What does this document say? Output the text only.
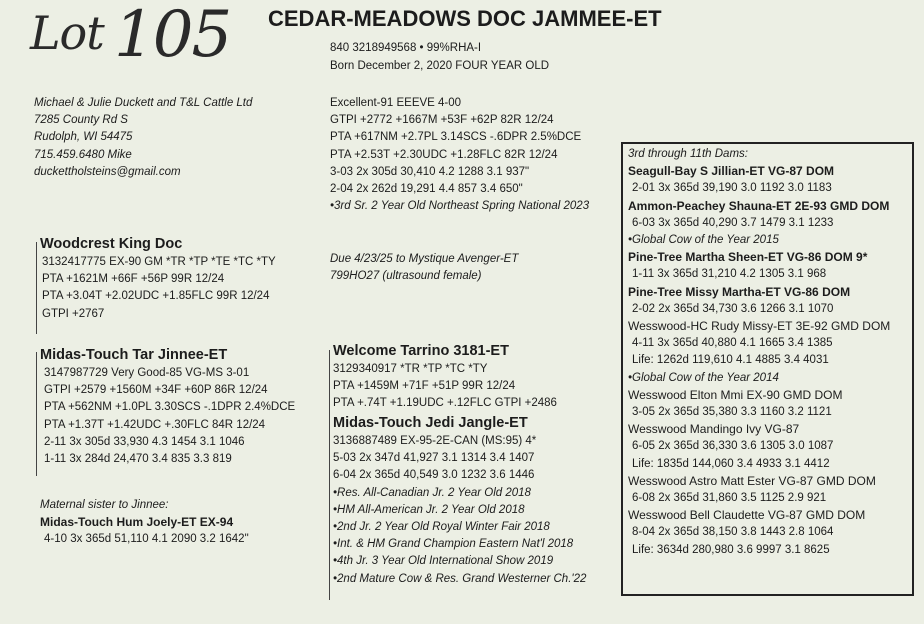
Lot 105 CEDAR-MEADOWS DOC JAMMEE-ET
840 3218949568 • 99%RHA-I
Born December 2, 2020 FOUR YEAR OLD
Michael & Julie Duckett and T&L Cattle Ltd
7285 County Rd S
Rudolph, WI 54475
715.459.6480 Mike
duckettholsteins@gmail.com
Excellent-91 EEEVE 4-00
GTPI +2772 +1667M +53F +62P 82R 12/24
PTA +617NM +2.7PL 3.14SCS -.6DPR 2.5%DCE
PTA +2.53T +2.30UDC +1.28FLC 82R 12/24
3-03 2x 305d 30,410 4.2 1288 3.1 937"
2-04 2x 262d 19,291 4.4 857 3.4 650"
•3rd Sr. 2 Year Old Northeast Spring National 2023
Due 4/23/25 to Mystique Avenger-ET
799HO27 (ultrasound female)
Woodcrest King Doc
3132417775 EX-90 GM *TR *TP *TE *TC *TY
PTA +1621M +66F +56P 99R 12/24
PTA +3.04T +2.02UDC +1.85FLC 99R 12/24
GTPI +2767
Midas-Touch Tar Jinnee-ET
3147987729 Very Good-85 VG-MS 3-01
GTPI +2579 +1560M +34F +60P 86R 12/24
PTA +562NM +1.0PL 3.30SCS -.1DPR 2.4%DCE
PTA +1.37T +1.42UDC +.30FLC 84R 12/24
2-11 3x 305d 33,930 4.3 1454 3.1 1046
1-11 3x 284d 24,470 3.4 835 3.3 819
Maternal sister to Jinnee:
Midas-Touch Hum Joely-ET EX-94
4-10 3x 365d 51,110 4.1 2090 3.2 1642"
Welcome Tarrino 3181-ET
3129340917 *TR *TP *TC *TY
PTA +1459M +71F +51P 99R 12/24
PTA +.74T +1.19UDC +.12FLC GTPI +2486
Midas-Touch Jedi Jangle-ET
3136887489 EX-95-2E-CAN (MS:95) 4*
5-03 2x 347d 41,927 3.1 1314 3.4 1407
6-04 2x 365d 40,549 3.0 1232 3.6 1446
•Res. All-Canadian Jr. 2 Year Old 2018
•HM All-American Jr. 2 Year Old 2018
•2nd Jr. 2 Year Old Royal Winter Fair 2018
•Int. & HM Grand Champion Eastern Nat'l 2018
•4th Jr. 3 Year Old International Show 2019
•2nd Mature Cow & Res. Grand Westerner Ch.'22
3rd through 11th Dams:
Seagull-Bay S Jillian-ET VG-87 DOM
2-01 3x 365d 39,190 3.0 1192 3.0 1183
Ammon-Peachey Shauna-ET 2E-93 GMD DOM
6-03 3x 365d 40,290 3.7 1479 3.1 1233
•Global Cow of the Year 2015
Pine-Tree Martha Sheen-ET VG-86 DOM 9*
1-11 3x 365d 31,210 4.2 1305 3.1 968
Pine-Tree Missy Martha-ET VG-86 DOM
2-02 2x 365d 34,730 3.6 1266 3.1 1070
Wesswood-HC Rudy Missy-ET 3E-92 GMD DOM
4-11 3x 365d 40,880 4.1 1665 3.4 1385
Life: 1262d 119,610 4.1 4885 3.4 4031
•Global Cow of the Year 2014
Wesswood Elton Mmi EX-90 GMD DOM
3-05 2x 365d 35,380 3.3 1160 3.2 1121
Wesswood Mandingo Ivy VG-87
6-05 2x 365d 36,330 3.6 1305 3.0 1087
Life: 1835d 144,060 3.4 4933 3.1 4412
Wesswood Astro Matt Ester VG-87 GMD DOM
6-08 2x 365d 31,860 3.5 1125 2.9 921
Wesswood Bell Claudette VG-87 GMD DOM
8-04 2x 365d 38,150 3.8 1443 2.8 1064
Life: 3634d 280,980 3.6 9997 3.1 8625
